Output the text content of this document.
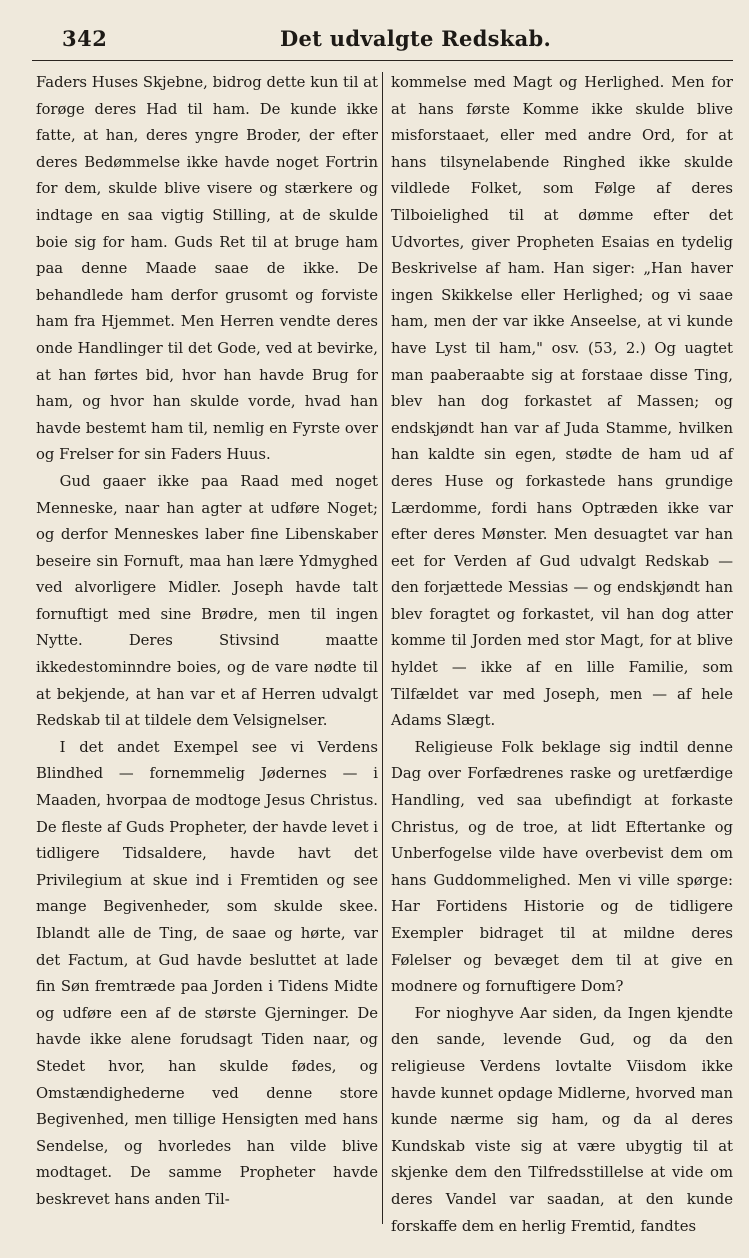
342	Det udvalgte Redskab.

Faders Huses Skjebne, bidrog dette kun til at forøge deres Had til ham. De kunde ikke fatte, at han, deres yngre Broder, der efter deres Bedømmelse ikke havde noget Fortrin for dem, skulde blive visere og stærkere og indtage en saa vigtig Stilling, at de skulde boie sig for ham. Guds Ret til at bruge ham paa denne Maade saae de ikke. De behandlede ham derfor grusomt og forviste ham fra Hjemmet. Men Herren vendte deres onde Handlinger til det Gode, ved at bevirke, at han førtes bid, hvor han havde Brug for ham, og hvor han skulde vorde, hvad han havde bestemt ham til, nemlig en Fyrste over og Frelser for sin Faders Huus.

Gud gaaer ikke paa Raad med noget Menneske, naar han agter at udføre Noget; og derfor Menneskes laber fine Libenskaber beseire sin Fornuft, maa han lære Ydmyghed ved alvorligere Midler. Joseph havde talt fornuftigt med sine Brødre, men til ingen Nytte. Deres Stivsind maatte ikkedestominndre boies, og de vare nødte til at bekjende, at han var et af Herren udvalgt Redskab til at tildele dem Velsignelser.

I det andet Exempel see vi Verdens Blindhed — fornemmelig Jødernes — i Maaden, hvorpaa de modtoge Jesus Christus. De fleste af Guds Propheter, der havde levet i tidligere Tidsaldere, havde havt det Privilegium at skue ind i Fremtiden og see mange Begivenheder, som skulde skee. Iblandt alle de Ting, de saae og hørte, var det Factum, at Gud havde besluttet at lade fin Søn fremtræde paa Jorden i Tidens Midte og udføre een af de største Gjerninger. De havde ikke alene forudsagt Tiden naar, og Stedet hvor, han skulde fødes, og Omstændighederne ved denne store Begivenhed, men tillige Hensigten med hans Sendelse, og hvorledes han vilde blive modtaget. De samme Propheter havde beskrevet hans anden Til-

kommelse med Magt og Herlighed. Men for at hans første Komme ikke skulde blive misforstaaet, eller med andre Ord, for at hans tilsynelabende Ringhed ikke skulde vildlede Folket, som Følge af deres Tilboielighed til at dømme efter det Udvortes, giver Propheten Esaias en tydelig Beskrivelse af ham. Han siger: „Han haver ingen Skikkelse eller Herlighed; og vi saae ham, men der var ikke Anseelse, at vi kunde have Lyst til ham," osv. (53, 2.) Og uagtet man paaberaabte sig at forstaae disse Ting, blev han dog forkastet af Massen; og endskjøndt han var af Juda Stamme, hvilken han kaldte sin egen, stødte de ham ud af deres Huse og forkastede hans grundige Lærdomme, fordi hans Optræden ikke var efter deres Mønster. Men desuagtet var han eet for Verden af Gud udvalgt Redskab — den forjættede Messias — og endskjøndt han blev foragtet og forkastet, vil han dog atter komme til Jorden med stor Magt, for at blive hyldet — ikke af en lille Familie, som Tilfældet var med Joseph, men — af hele Adams Slægt.

Religieuse Folk beklage sig indtil denne Dag over Forfædrenes raske og uretfærdige Handling, ved saa ubefindigt at forkaste Christus, og de troe, at lidt Eftertanke og Unberfogelse vilde have overbevist dem om hans Guddommelighed. Men vi ville spørge: Har Fortidens Historie og de tidligere Exempler bidraget til at mildne deres Følelser og bevæget dem til at give en modnere og fornuftigere Dom?

For nioghyve Aar siden, da Ingen kjendte den sande, levende Gud, og da den religieuse Verdens lovtalte Viisdom ikke havde kunnet opdage Midlerne, hvorved man kunde nærme sig ham, og da al deres Kundskab viste sig at være ubygtig til at skjenke dem den Tilfredsstillelse at vide om deres Vandel var saadan, at den kunde forskaffe dem en herlig Fremtid, fandtes
